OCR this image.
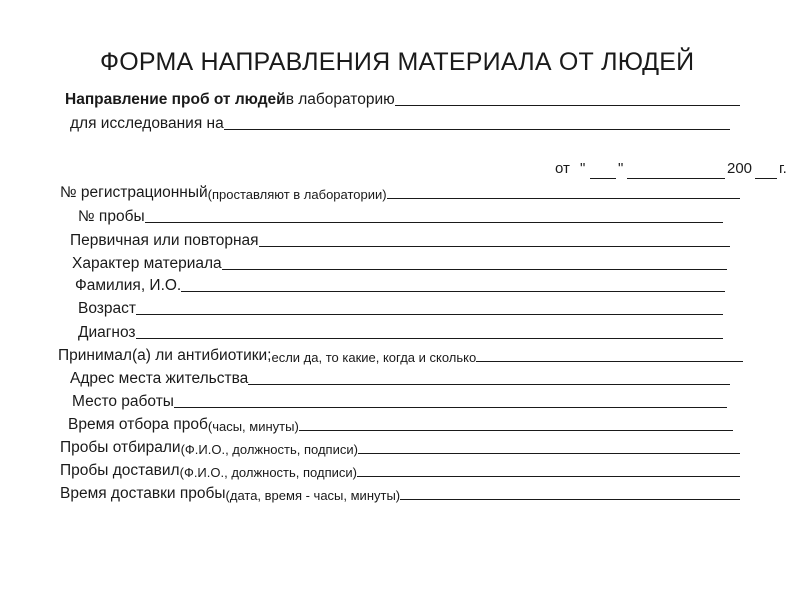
ФОРМА НАПРАВЛЕНИЯ МАТЕРИАЛА ОТ ЛЮДЕЙ
Направление проб от людей в лабораторию
для исследования на
от " "	200 г.
№ регистрационный (проставляют в лаборатории)
№ пробы
Первичная или повторная
Характер материала
Фамилия, И.О.
Возраст
Диагноз
Принимал(а) ли антибиотики; если да, то какие, когда и сколько
Адрес места жительства
Место работы
Время отбора проб (часы, минуты)
Пробы отбирали (Ф.И.О., должность, подписи)
Пробы доставил (Ф.И.О., должность, подписи)
Время доставки пробы (дата, время - часы, минуты)
